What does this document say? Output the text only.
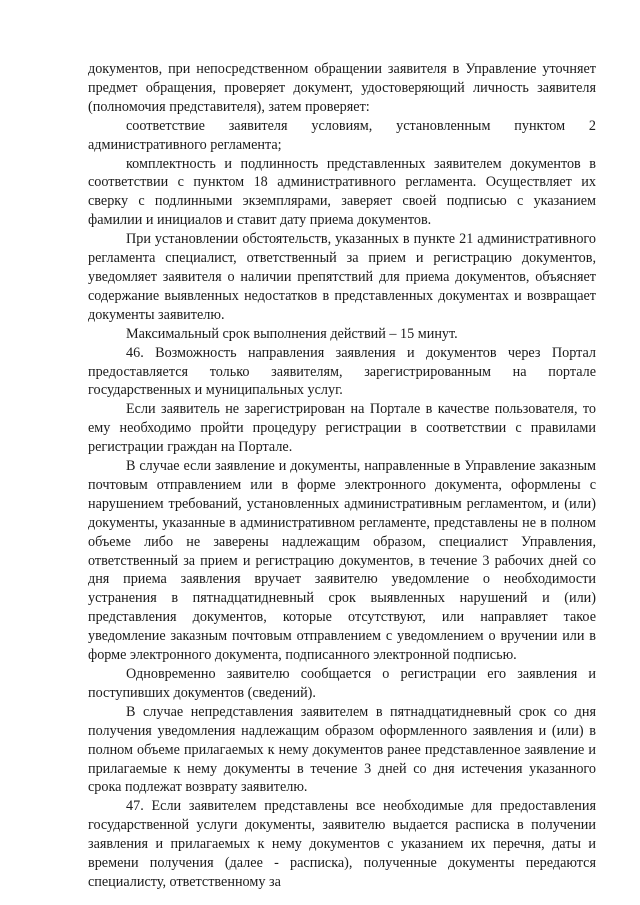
документов, при непосредственном обращении заявителя в Управление уточняет предмет обращения, проверяет документ, удостоверяющий личность заявителя (полномочия представителя), затем проверяет:

соответствие заявителя условиям, установленным пунктом 2 административного регламента;

комплектность и подлинность представленных заявителем документов в соответствии с пунктом 18 административного регламента. Осуществляет их сверку с подлинными экземплярами, заверяет своей подписью с указанием фамилии и инициалов и ставит дату приема документов.

При установлении обстоятельств, указанных в пункте 21 административного регламента специалист, ответственный за прием и регистрацию документов, уведомляет заявителя о наличии препятствий для приема документов, объясняет содержание выявленных недостатков в представленных документах и возвращает документы заявителю.

Максимальный срок выполнения действий – 15 минут.

46. Возможность направления заявления и документов через Портал предоставляется только заявителям, зарегистрированным на портале государственных и муниципальных услуг.

Если заявитель не зарегистрирован на Портале в качестве пользователя, то ему необходимо пройти процедуру регистрации в соответствии с правилами регистрации граждан на Портале.

В случае если заявление и документы, направленные в Управление заказным почтовым отправлением или в форме электронного документа, оформлены с нарушением требований, установленных административным регламентом, и (или) документы, указанные в административном регламенте, представлены не в полном объеме либо не заверены надлежащим образом, специалист Управления, ответственный за прием и регистрацию документов, в течение 3 рабочих дней со дня приема заявления вручает заявителю уведомление о необходимости устранения в пятнадцатидневный срок выявленных нарушений и (или) представления документов, которые отсутствуют, или направляет такое уведомление заказным почтовым отправлением с уведомлением о вручении или в форме электронного документа, подписанного электронной подписью.

Одновременно заявителю сообщается о регистрации его заявления и поступивших документов (сведений).

В случае непредставления заявителем в пятнадцатидневный срок со дня получения уведомления надлежащим образом оформленного заявления и (или) в полном объеме прилагаемых к нему документов ранее представленное заявление и прилагаемые к нему документы в течение 3 дней со дня истечения указанного срока подлежат возврату заявителю.

47. Если заявителем представлены все необходимые для предоставления государственной услуги документы, заявителю выдается расписка в получении заявления и прилагаемых к нему документов с указанием их перечня, даты и времени получения (далее - расписка), полученные документы передаются специалисту, ответственному за
